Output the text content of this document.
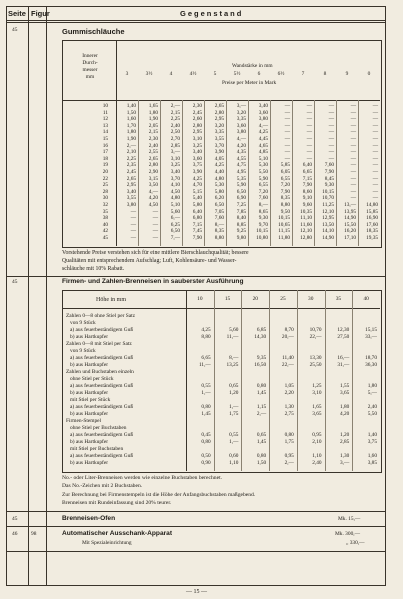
Seite Figur	Gegenstand
45	Gummischläuche
Innerer
Durch-
messer
mm
Wandstärke in mm
Preise per Meter in Mark
3	3½	4	4½	5	5½	6	6½	7	8	9	0
10	1,40	1,65	2,—	2,30	2,65	3,—	3,40	—	—	—	—	—
11	1,50	1,80	2,15	2,45	2,80	3,20	3,60	—	—	—	—	—
12	1,60	1,90	2,25	2,60	2,95	3,35	3,80	—	—	—	—	—
13	1,70	2,05	2,40	2,80	3,20	3,60	4,—	—	—	—	—	—
14	1,80	2,15	2,50	2,95	3,35	3,80	4,25	—	—	—	—	—
15	1,90	2,30	2,70	3,10	3,55	4,—	4,45	—	—	—	—	—
16	2,—	2,40	2,85	3,25	3,70	4,20	4,65	—	—	—	—	—
17	2,10	2,55	3,—	3,40	3,90	4,35	4,85	—	—	—	—	—
18	2,25	2,65	3,10	3,60	4,05	4,55	5,10	—	—	—	—	—
19	2,35	2,80	3,25	3,75	4,25	4,75	5,30	5,85	6,40	7,60	—	—
20	2,45	2,90	3,40	3,90	4,40	4,95	5,50	6,05	6,65	7,90	—	—
22	2,65	3,15	3,70	4,25	4,80	5,35	5,90	6,55	7,15	8,45	—	—
25	2,95	3,50	4,10	4,70	5,30	5,90	6,55	7,20	7,90	9,30	—	—
28	3,40	4,—	4,50	5,15	5,80	6,50	7,20	7,90	8,60	10,15	—	—
30	3,55	4,20	4,80	5,40	6,20	6,90	7,60	8,35	9,10	10,70	—	—
32	3,80	4,50	5,10	5,80	6,50	7,25	8,—	8,80	9,60	11,25	13,—	14,80
35	—	—	5,60	6,40	7,05	7,85	8,65	9,50	10,35	12,10	13,95	15,85
38	—	—	6,—	6,80	7,60	8,40	9,30	10,15	11,10	12,95	14,90	16,90
40	—	—	6,25	7,15	8,—	8,85	9,70	10,65	11,60	13,50	15,50	17,60
42	—	—	6,50	7,45	8,35	9,25	10,15	11,15	12,10	14,10	16,20	18,35
45	—	—	7,—	7,90	8,80	9,80	10,80	11,80	12,80	14,90	17,10	19,35
Vorstehende Preise verstehen sich für eine mittlere Bierschlauchqualität; bessere
Qualitäten mit entsprechendem Aufschlag; Luft, Kohlensäure- und Wasser-
schläuche mit 10% Rabatt.
45	Firmen- und Zahlen-Brenneisen in sauberster Ausführung
Höhe in mm	10	15	20	25	30	35	40
Zahlen 0—8 ohne Stiel per Satz
von 9 Stück
a) aus feuerbeständigem Guß	4,25	5,60	6,85	8,70	10,70	12,30	15,15
b) aus Hartkupfer	8,80	11,—	14,30	20,—	22,—	27,50	33,—
Zahlen 0—8 mit Stiel per Satz
von 9 Stück
a) aus feuerbeständigem Guß	6,65	8,—	9,35	11,40	13,30	16,—	18,70
b) aus Hartkupfer	11,—	13,25	16,50	22,—	25,50	31,—	36,30
Zahlen und Buchstaben einzeln
ohne Stiel per Stück
a) aus feuerbeständigem Guß	0,55	0,65	0,80	1,05	1,25	1,55	1,80
b) aus Hartkupfer	1,—	1,20	1,45	2,20	3,10	3,65	5,—
mit Stiel per Stück
a) aus feuerbeständigem Guß	0,80	1,—	1,15	1,30	1,65	1,80	2,40
b) aus Hartkupfer	1,45	1,75	2,—	2,75	3,65	4,20	5,50
Firmen-Stempel
ohne Stiel per Buchstaben
a) aus feuerbeständigem Guß	0,45	0,55	0,65	0,80	0,95	1,20	1,40
b) aus Hartkupfer	0,80	1,—	1,45	1,75	2,10	2,85	3,75
mit Stiel per Buchstaben
a) aus feuerbeständigem Guß	0,50	0,60	0,80	0,95	1,10	1,30	1,60
b) aus Hartkupfer	0,90	1,10	1,50	2,—	2,40	3,—	3,85
No.- oder Liter-Brenneisen werden wie einzelne Buchstaben berechnet.
Das No.-Zeichen mit 2 Buchstaben.
Zur Berechnung bei Firmenstempeln ist die Höhe der Anfangsbuchstaben maßgebend.
Brenneisen mit Rundeinfassung sind 20% teurer.
45	Brenneisen-Ofen	Mk. 15,—
46	98	Automatischer Ausschank-Apparat	Mk. 300,—
Mit Spezialeinrichtung	„ 330,—
— 15 —
